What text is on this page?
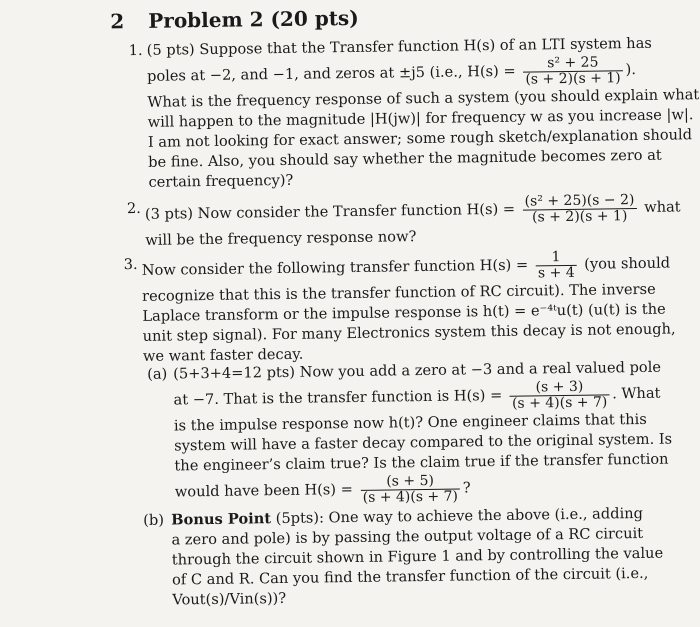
2 Problem 2 (20 pts)
1. (5 pts) Suppose that the Transfer function H(s) of an LTI system has
poles at −2, and −1, and zeros at ±j5 (i.e., $H(s) = \frac{\text{s² + 25}}{(s + 2)(s + 1)}$ ).
What is the frequency response of such a system (you should explain what
will happen to the magnitude |H(jw)| for frequency w as you increase |w|.
I am not looking for exact answer; some rough sketch/explanation should
be fine. Also, you should say whether the magnitude becomes zero at
certain frequency)?
2. (3 pts) Now consider the Transfer function $H(s) = \frac{\text{(s² + 25)(s − 2)}}{(s + 2)(s + 1)}$ what
will be the frequency response now?
3. Now consider the following transfer function $H(s) = \frac{1}{s + 4} (you$ should
recognize that this is the transfer function of RC circuit). The inverse
Laplace transform or the impulse response is h(t) = e⁻⁴ᵗu(t) (u(t) is the
unit step signal). For many Electronics system this decay is not enough,
we want faster decay.
(a) (5+3+4=12 pts) Now you add a zero at −3 and a real valued pole
at −7. That is the transfer function is $H(s) = \frac{(s + 3)}{(s + 4)(s + 7)}$ . What
is the impulse response now h(t)? One engineer claims that this
system will have a faster decay compared to the original system. Is
the engineer’s claim true? Is the claim true if the transfer function
would have been $H(s) = \frac{(s + 5)}{(s + 4)(s + 7)}$ ?
(b) Bonus Point (5pts): One way to achieve the above (i.e., adding
a zero and pole) is by passing the output voltage of a RC circuit
through the circuit shown in Figure 1 and by controlling the value
of C and R. Can you find the transfer function of the circuit (i.e.,
Vout(s)/Vin(s))?
